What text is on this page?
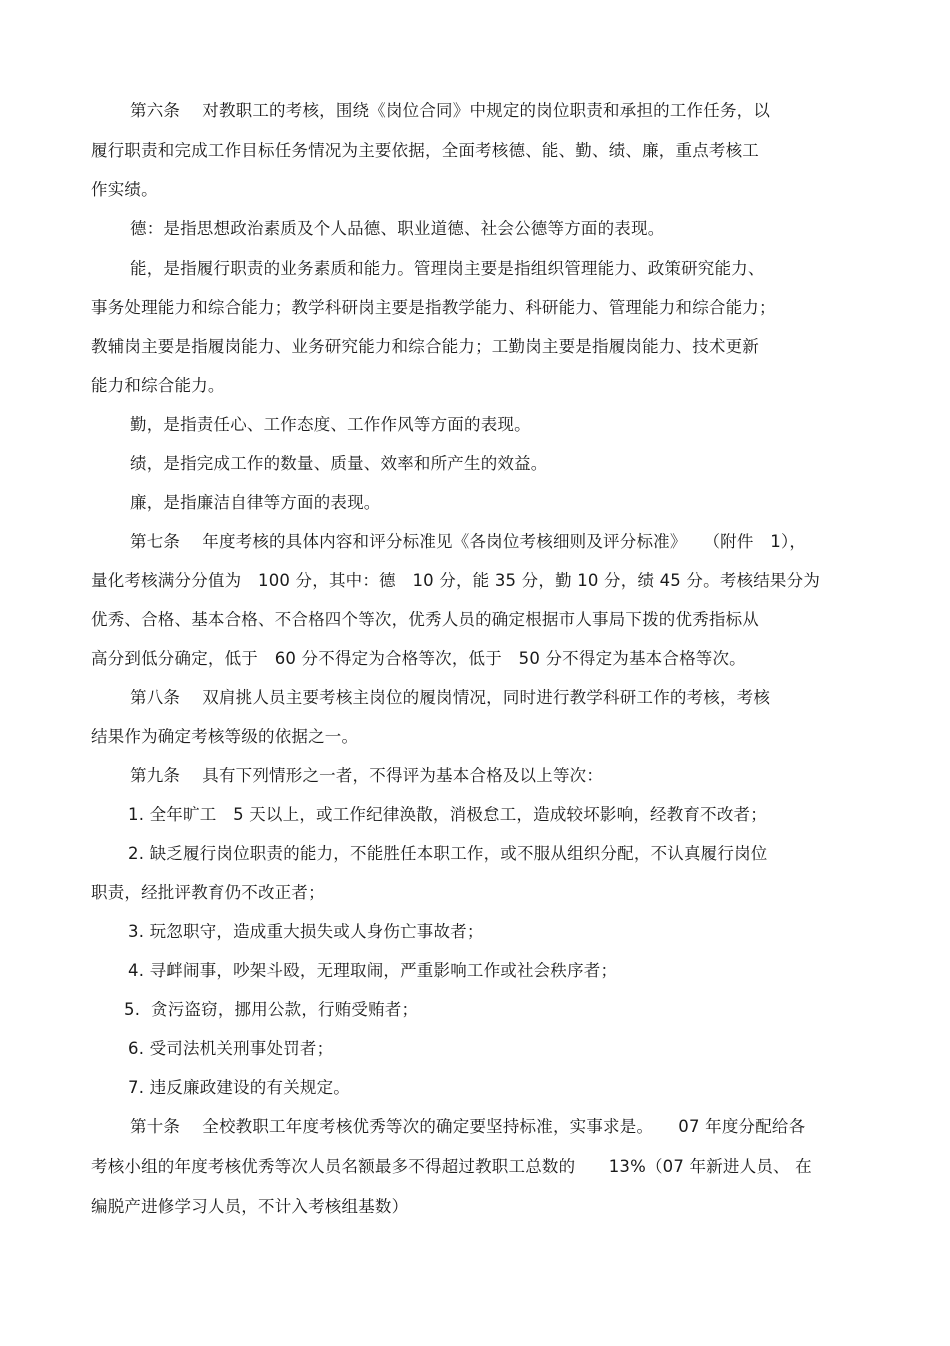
第六条　 对教职工的考核，围绕《岗位合同》中规定的岗位职责和承担的工作任务，以
履行职责和完成工作目标任务情况为主要依据，全面考核德、能、勤、绩、廉，重点考核工
作实绩。
德：是指思想政治素质及个人品德、职业道德、社会公德等方面的表现。
能，是指履行职责的业务素质和能力。管理岗主要是指组织管理能力、政策研究能力、
事务处理能力和综合能力；教学科研岗主要是指教学能力、科研能力、管理能力和综合能力；
教辅岗主要是指履岗能力、业务研究能力和综合能力；工勤岗主要是指履岗能力、技术更新
能力和综合能力。
勤，是指责任心、工作态度、工作作风等方面的表现。
绩，是指完成工作的数量、质量、效率和所产生的效益。
廉，是指廉洁自律等方面的表现。
第七条　 年度考核的具体内容和评分标准见《各岗位考核细则及评分标准》　　（附件　1），
量化考核满分分值为　100 分，其中：德　10 分，能 35 分，勤 10 分，绩 45 分。考核结果分为
优秀、合格、基本合格、不合格四个等次，优秀人员的确定根据市人事局下拨的优秀指标从
高分到低分确定，低于　60 分不得定为合格等次，低于　50 分不得定为基本合格等次。
第八条　 双肩挑人员主要考核主岗位的履岗情况，同时进行教学科研工作的考核，考核
结果作为确定考核等级的依据之一。
第九条　 具有下列情形之一者，不得评为基本合格及以上等次：
1. 全年旷工　5 天以上，或工作纪律涣散，消极怠工，造成较坏影响，经教育不改者；
2. 缺乏履行岗位职责的能力，不能胜任本职工作，或不服从组织分配，不认真履行岗位
职责，经批评教育仍不改正者；
3. 玩忽职守，造成重大损失或人身伤亡事故者；
4. 寻衅闹事，吵架斗殴，无理取闹，严重影响工作或社会秩序者；
5.  贪污盗窃，挪用公款，行贿受贿者；
6. 受司法机关刑事处罚者；
7. 违反廉政建设的有关规定。
第十条　 全校教职工年度考核优秀等次的确定要坚持标准，实事求是。　　07 年度分配给各
考核小组的年度考核优秀等次人员名额最多不得超过教职工总数的　　13%（07 年新进人员、 在
编脱产进修学习人员，不计入考核组基数）
